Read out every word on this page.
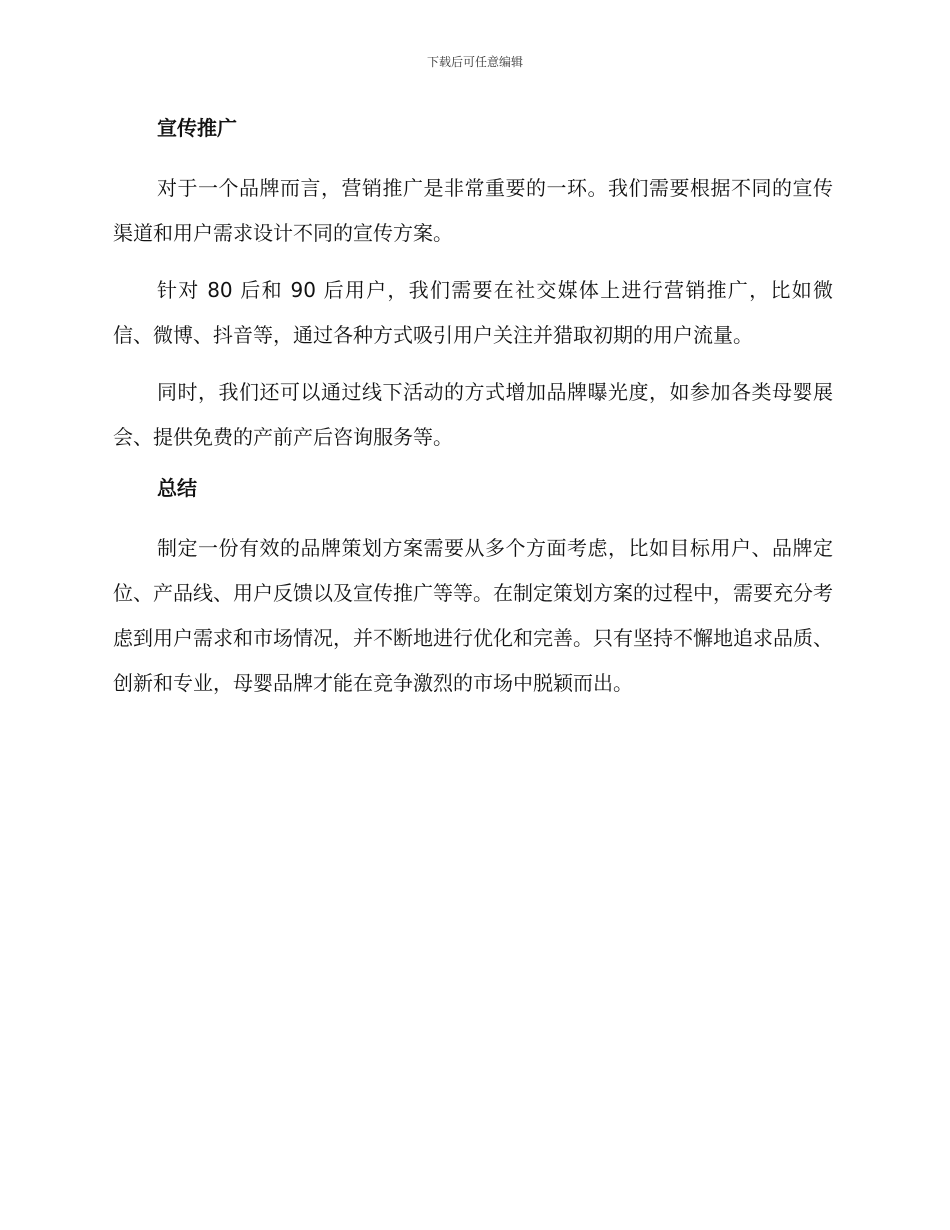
下载后可任意编辑
宣传推广

对于一个品牌而言，营销推广是非常重要的一环。我们需要根据不同的宣传渠道和用户需求设计不同的宣传方案。

针对 80 后和 90 后用户，我们需要在社交媒体上进行营销推广，比如微信、微博、抖音等，通过各种方式吸引用户关注并猎取初期的用户流量。

同时，我们还可以通过线下活动的方式增加品牌曝光度，如参加各类母婴展会、提供免费的产前产后咨询服务等。

总结

制定一份有效的品牌策划方案需要从多个方面考虑，比如目标用户、品牌定位、产品线、用户反馈以及宣传推广等等。在制定策划方案的过程中，需要充分考虑到用户需求和市场情况，并不断地进行优化和完善。只有坚持不懈地追求品质、创新和专业，母婴品牌才能在竞争激烈的市场中脱颖而出。
